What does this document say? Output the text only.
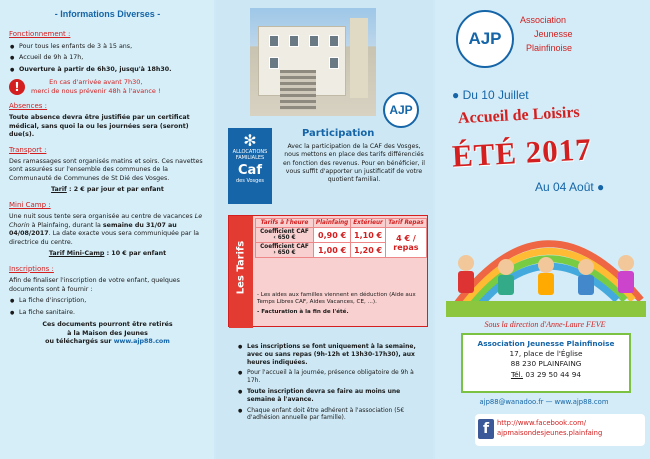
- Informations Diverses -
Fonctionnement :
● Pour tous les enfants de 3 à 15 ans,
● Accueil de 9h à 17h,
● Ouverture à partir de 6h30, jusqu'à 18h30.
!	En cas d'arrivée avant 7h30,
merci de nous prévenir 48h à l'avance !
Absences :
Toute absence devra être justifiée par un certificat médical, sans quoi la ou les journées sera (seront) due(s).
Transport :
Des ramassages sont organisés matins et soirs. Ces navettes sont assurées sur l'ensemble des communes de la Communauté de Communes de St Dié des Vosges.
Tarif : 2 € par jour et par enfant
Mini Camp :
Une nuit sous tente sera organisée au centre de vacances Le Chorin à Plainfaing, durant la semaine du 31/07 au 04/08/2017. La date exacte vous sera communiquée par la directrice du centre.
Tarif Mini-Camp : 10 € par enfant
Inscriptions :
Afin de finaliser l'inscription de votre enfant, quelques documents sont à fournir :
● La fiche d'inscription,
● La fiche sanitaire.
Ces documents pourront être retirés
à la Maison des Jeunes
ou téléchargés sur www.ajp88.com
AJP
✻
ALLOCATIONS FAMILIALES
Caf
des Vosges
Participation
Avec la participation de la CAF des Vosges, nous mettons en place des tarifs différenciés en fonction des revenus. Pour en bénéficier, il vous suffit d'apporter un justificatif de votre quotient familial.
Les Tarifs
Tarifs à l'heure	Plainfaing	Extérieur	Tarif Repas
Coefficient CAF ‹ 650 €	0,90 €	1,10 €	4 € / repas
Coefficient CAF › 650 €	1,00 €	1,20 €	
- Les aides aux familles viennent en déduction (Aide aux Temps Libres CAF, Aides Vacances, CE, ...).
- Facturation à la fin de l'été.
● Les inscriptions se font uniquement à la semaine, avec ou sans repas (9h-12h et 13h30-17h30), aux heures indiquées.
● Pour l'accueil à la journée, présence obligatoire de 9h à 17h.
● Toute inscription devra se faire au moins une semaine à l'avance.
● Chaque enfant doit être adhérent à l'association (5€ d'adhésion annuelle par famille).
AJP
Association
Jeunesse
Plainfinoise
● Du 10 Juillet
Accueil de Loisirs
ÉTÉ 2017
Au 04 Août ●
Sous la direction d'Anne-Laure FEVE
Association Jeunesse Plainfinoise
17, place de l'Église
88 230 PLAINFAING
Tél. 03 29 50 44 94
ajp88@wanadoo.fr — www.ajp88.com
f	http://www.facebook.com/
ajpmaisondesjeunes.plainfaing
